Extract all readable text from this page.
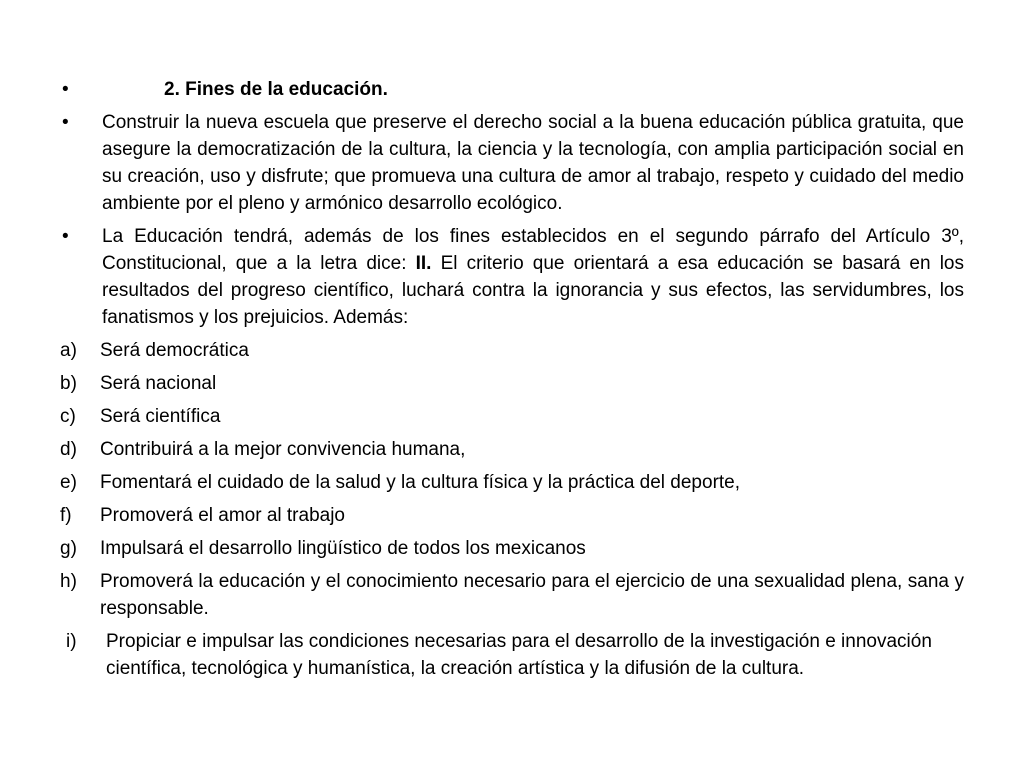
•	2. Fines de la educación.
•	Construir la nueva escuela que preserve el derecho social a la buena educación pública gratuita, que asegure la democratización de la cultura, la ciencia y la tecnología, con amplia participación social en su creación, uso y disfrute; que promueva una cultura de amor al trabajo, respeto y cuidado del medio ambiente por el pleno y armónico desarrollo ecológico.
•	La Educación tendrá, además de los fines establecidos en el segundo párrafo del Artículo 3º, Constitucional, que a la letra dice: II. El criterio que orientará a esa educación se basará en los resultados del progreso científico, luchará contra la ignorancia y sus efectos, las servidumbres, los fanatismos y los prejuicios. Además:
a)	Será democrática
b)	Será nacional
c)	Será científica
d)	Contribuirá a la mejor convivencia humana,
e)	Fomentará el cuidado de la salud y la cultura física y la práctica del deporte,
f)	Promoverá el amor al trabajo
g)	Impulsará el desarrollo lingüístico de todos los mexicanos
h)	Promoverá la educación y el conocimiento necesario para el ejercicio de una sexualidad plena, sana y responsable.
i)	Propiciar e impulsar las condiciones necesarias para el desarrollo de la investigación e innovación científica, tecnológica y humanística, la creación artística y la difusión de la cultura.
